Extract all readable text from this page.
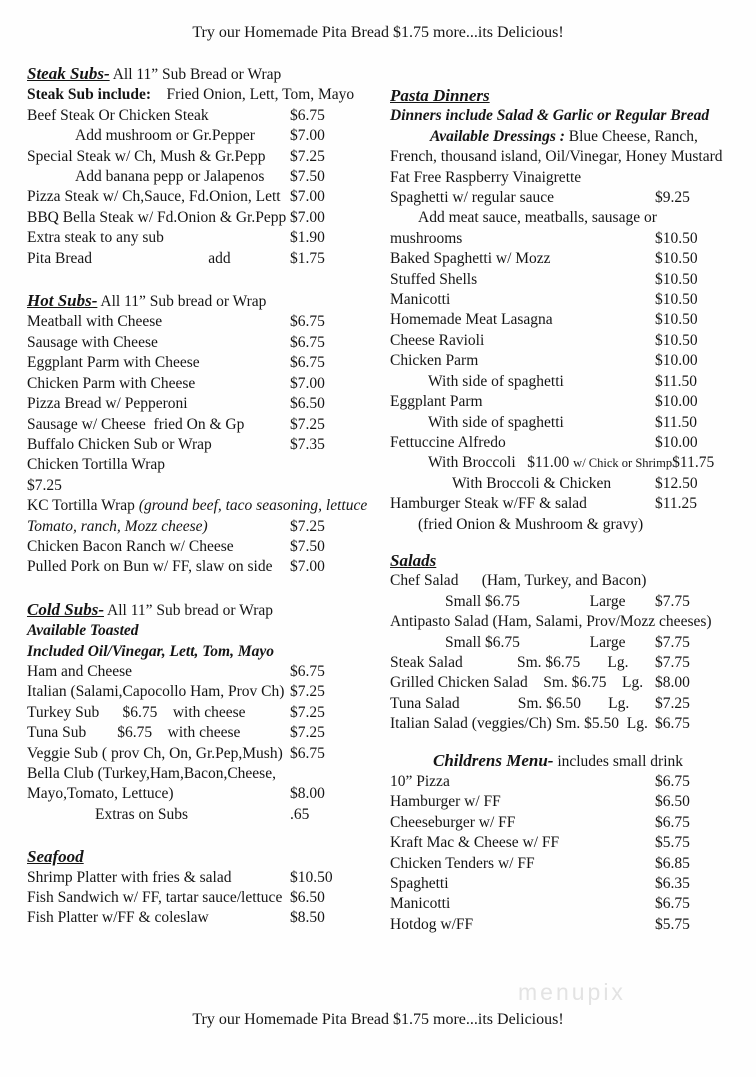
Try our Homemade Pita Bread $1.75 more...its Delicious!
Steak Subs- All 11” Sub Bread or Wrap
Steak Sub include:    Fried Onion, Lett, Tom, Mayo
Beef Steak Or Chicken Steak	$6.75
Add mushroom or Gr.Pepper	$7.00
Special Steak w/ Ch, Mush & Gr.Pepp	$7.25
Add banana pepp or Jalapenos	$7.50
Pizza Steak w/ Ch,Sauce, Fd.Onion, Lett $7.00
BBQ Bella Steak w/ Fd.Onion & Gr.Pepp $7.00
Extra steak to any sub	$1.90
Pita Bread                              add	$1.75
Hot Subs- All 11” Sub bread or Wrap
Meatball with Cheese	$6.75
Sausage with Cheese	$6.75
Eggplant Parm with Cheese	$6.75
Chicken Parm with Cheese	$7.00
Pizza Bread w/ Pepperoni	$6.50
Sausage w/ Cheese  fried On & Gp	$7.25
Buffalo Chicken Sub or Wrap	$7.35
Chicken Tortilla Wrap
$7.25
KC Tortilla Wrap (ground beef, taco seasoning, lettuce
Tomato, ranch, Mozz cheese)	$7.25
Chicken Bacon Ranch w/ Cheese	$7.50
Pulled Pork on Bun w/ FF, slaw on side	$7.00
Cold Subs- All 11” Sub bread or Wrap
Available Toasted
Included Oil/Vinegar, Lett, Tom, Mayo
Ham and Cheese	$6.75
Italian (Salami,Capocollo Ham, Prov Ch) $7.25
Turkey Sub      $6.75    with cheese	$7.25
Tuna Sub        $6.75    with cheese	$7.25
Veggie Sub ( prov Ch, On, Gr.Pep,Mush) $6.75
Bella Club (Turkey,Ham,Bacon,Cheese,
Mayo,Tomato, Lettuce)	$8.00
Extras on Subs	.65
Seafood
Shrimp Platter with fries & salad	$10.50
Fish Sandwich w/ FF, tartar sauce/lettuce $6.50
Fish Platter w/FF & coleslaw	$8.50
Pasta Dinners
Dinners include Salad & Garlic or Regular Bread
Available Dressings : Blue Cheese, Ranch,
French, thousand island, Oil/Vinegar, Honey Mustard
Fat Free Raspberry Vinaigrette
Spaghetti w/ regular sauce	$9.25
Add meat sauce, meatballs, sausage or
mushrooms	$10.50
Baked Spaghetti w/ Mozz	$10.50
Stuffed Shells	$10.50
Manicotti	$10.50
Homemade Meat Lasagna	$10.50
Cheese Ravioli	$10.50
Chicken Parm	$10.00
With side of spaghetti	$11.50
Eggplant Parm	$10.00
With side of spaghetti	$11.50
Fettuccine Alfredo	$10.00
With Broccoli   $11.00 w/ Chick or Shrimp $11.75
With Broccoli & Chicken	$12.50
Hamburger Steak w/FF & salad	$11.25
(fried Onion & Mushroom & gravy)
Salads
Chef Salad      (Ham, Turkey, and Bacon)
Small $6.75                  Large	$7.75
Antipasto Salad (Ham, Salami, Prov/Mozz cheeses)
Small $6.75                  Large	$7.75
Steak Salad              Sm. $6.75       Lg.	$7.75
Grilled Chicken Salad    Sm. $6.75    Lg. $8.00
Tuna Salad               Sm. $6.50       Lg.	$7.25
Italian Salad (veggies/Ch) Sm. $5.50  Lg. $6.75
Childrens Menu- includes small drink
10” Pizza	$6.75
Hamburger w/ FF	$6.50
Cheeseburger w/ FF	$6.75
Kraft Mac & Cheese w/ FF	$5.75
Chicken Tenders w/ FF	$6.85
Spaghetti	$6.35
Manicotti	$6.75
Hotdog w/FF	$5.75
menupix
Try our Homemade Pita Bread $1.75 more...its Delicious!
